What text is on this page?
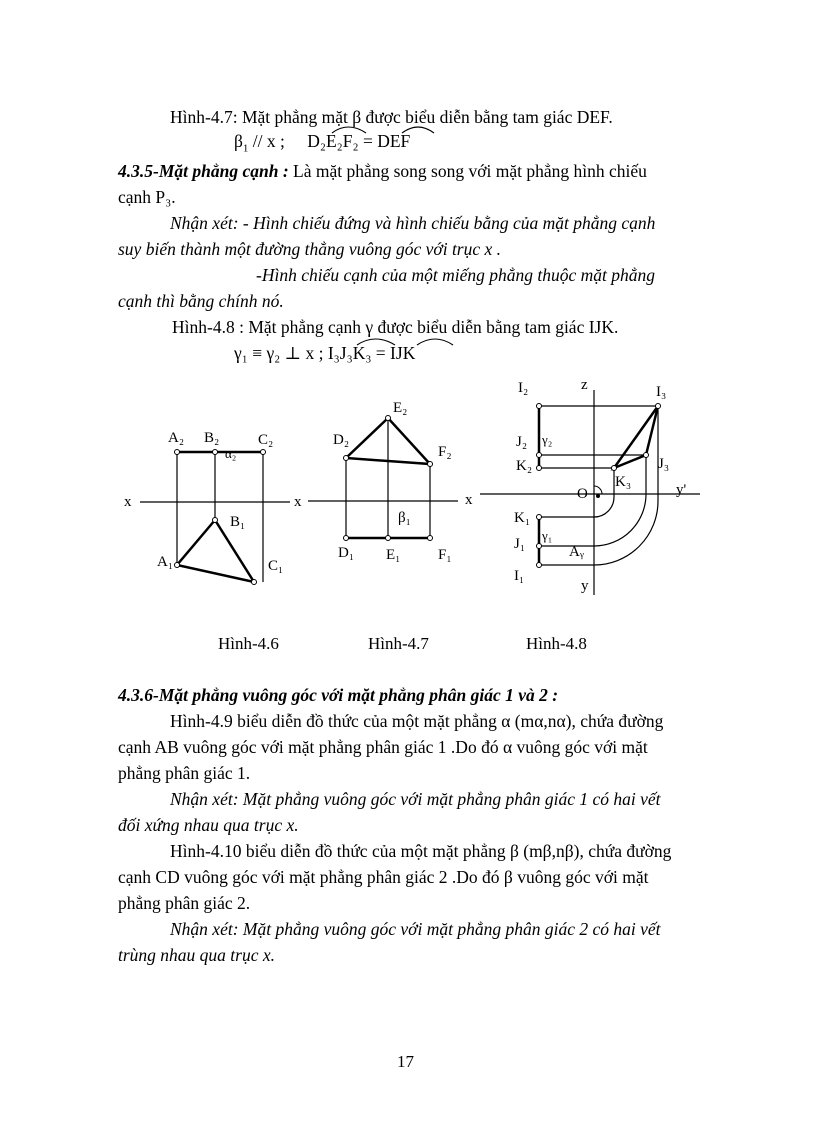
Hình-4.7: Mặt phẳng mặt β được biểu diễn bằng tam giác DEF.
$\beta_1$ // x ; D₂E₂F₂ = DEF
4.3.5-Mặt phẳng cạnh : Là mặt phẳng song song với mặt phẳng hình chiếu
cạnh P₃.
Nhận xét: - Hình chiếu đứng và hình chiếu bằng của mặt phẳng cạnh
suy biến thành một đường thẳng vuông góc với trục x .
-Hình chiếu cạnh của một miếng phẳng thuộc mặt phẳng
cạnh thì bằng chính nó.
Hình-4.8 : Mặt phẳng cạnh γ được biểu diễn bằng tam giác IJK.
γ₁ ≡ γ₂ ⊥ x ; I₃J₃K₃ = IJK
A₂ B₂	C₂
α₂
x
B₁
A₁	C₁
E₂
D₂
F₂
x
β₁
D₁ E₁	F₁
I₂	z	I₃
J₂ γ₂
K₂	J₃
K₃
O	y'
x
K₁
J₁
γ₁
Aᵧ
I₁
y
Hình-4.6	Hình-4.7	Hình-4.8
4.3.6-Mặt phẳng vuông góc với mặt phẳng phân giác 1 và 2 :
Hình-4.9 biểu diễn đồ thức của một mặt phẳng α (mα,nα), chứa đường
cạnh AB vuông góc với mặt phẳng phân giác 1 .Do đó α vuông góc với mặt
phẳng phân giác 1.
Nhận xét: Mặt phẳng vuông góc với mặt phẳng phân giác 1 có hai vết
đối xứng nhau qua trục x.
Hình-4.10 biểu diễn đồ thức của một mặt phẳng β (mβ,nβ), chứa đường
cạnh CD vuông góc với mặt phẳng phân giác 2 .Do đó β vuông góc với mặt
phẳng phân giác 2.
Nhận xét: Mặt phẳng vuông góc với mặt phẳng phân giác 2 có hai vết
trùng nhau qua trục x.
17
